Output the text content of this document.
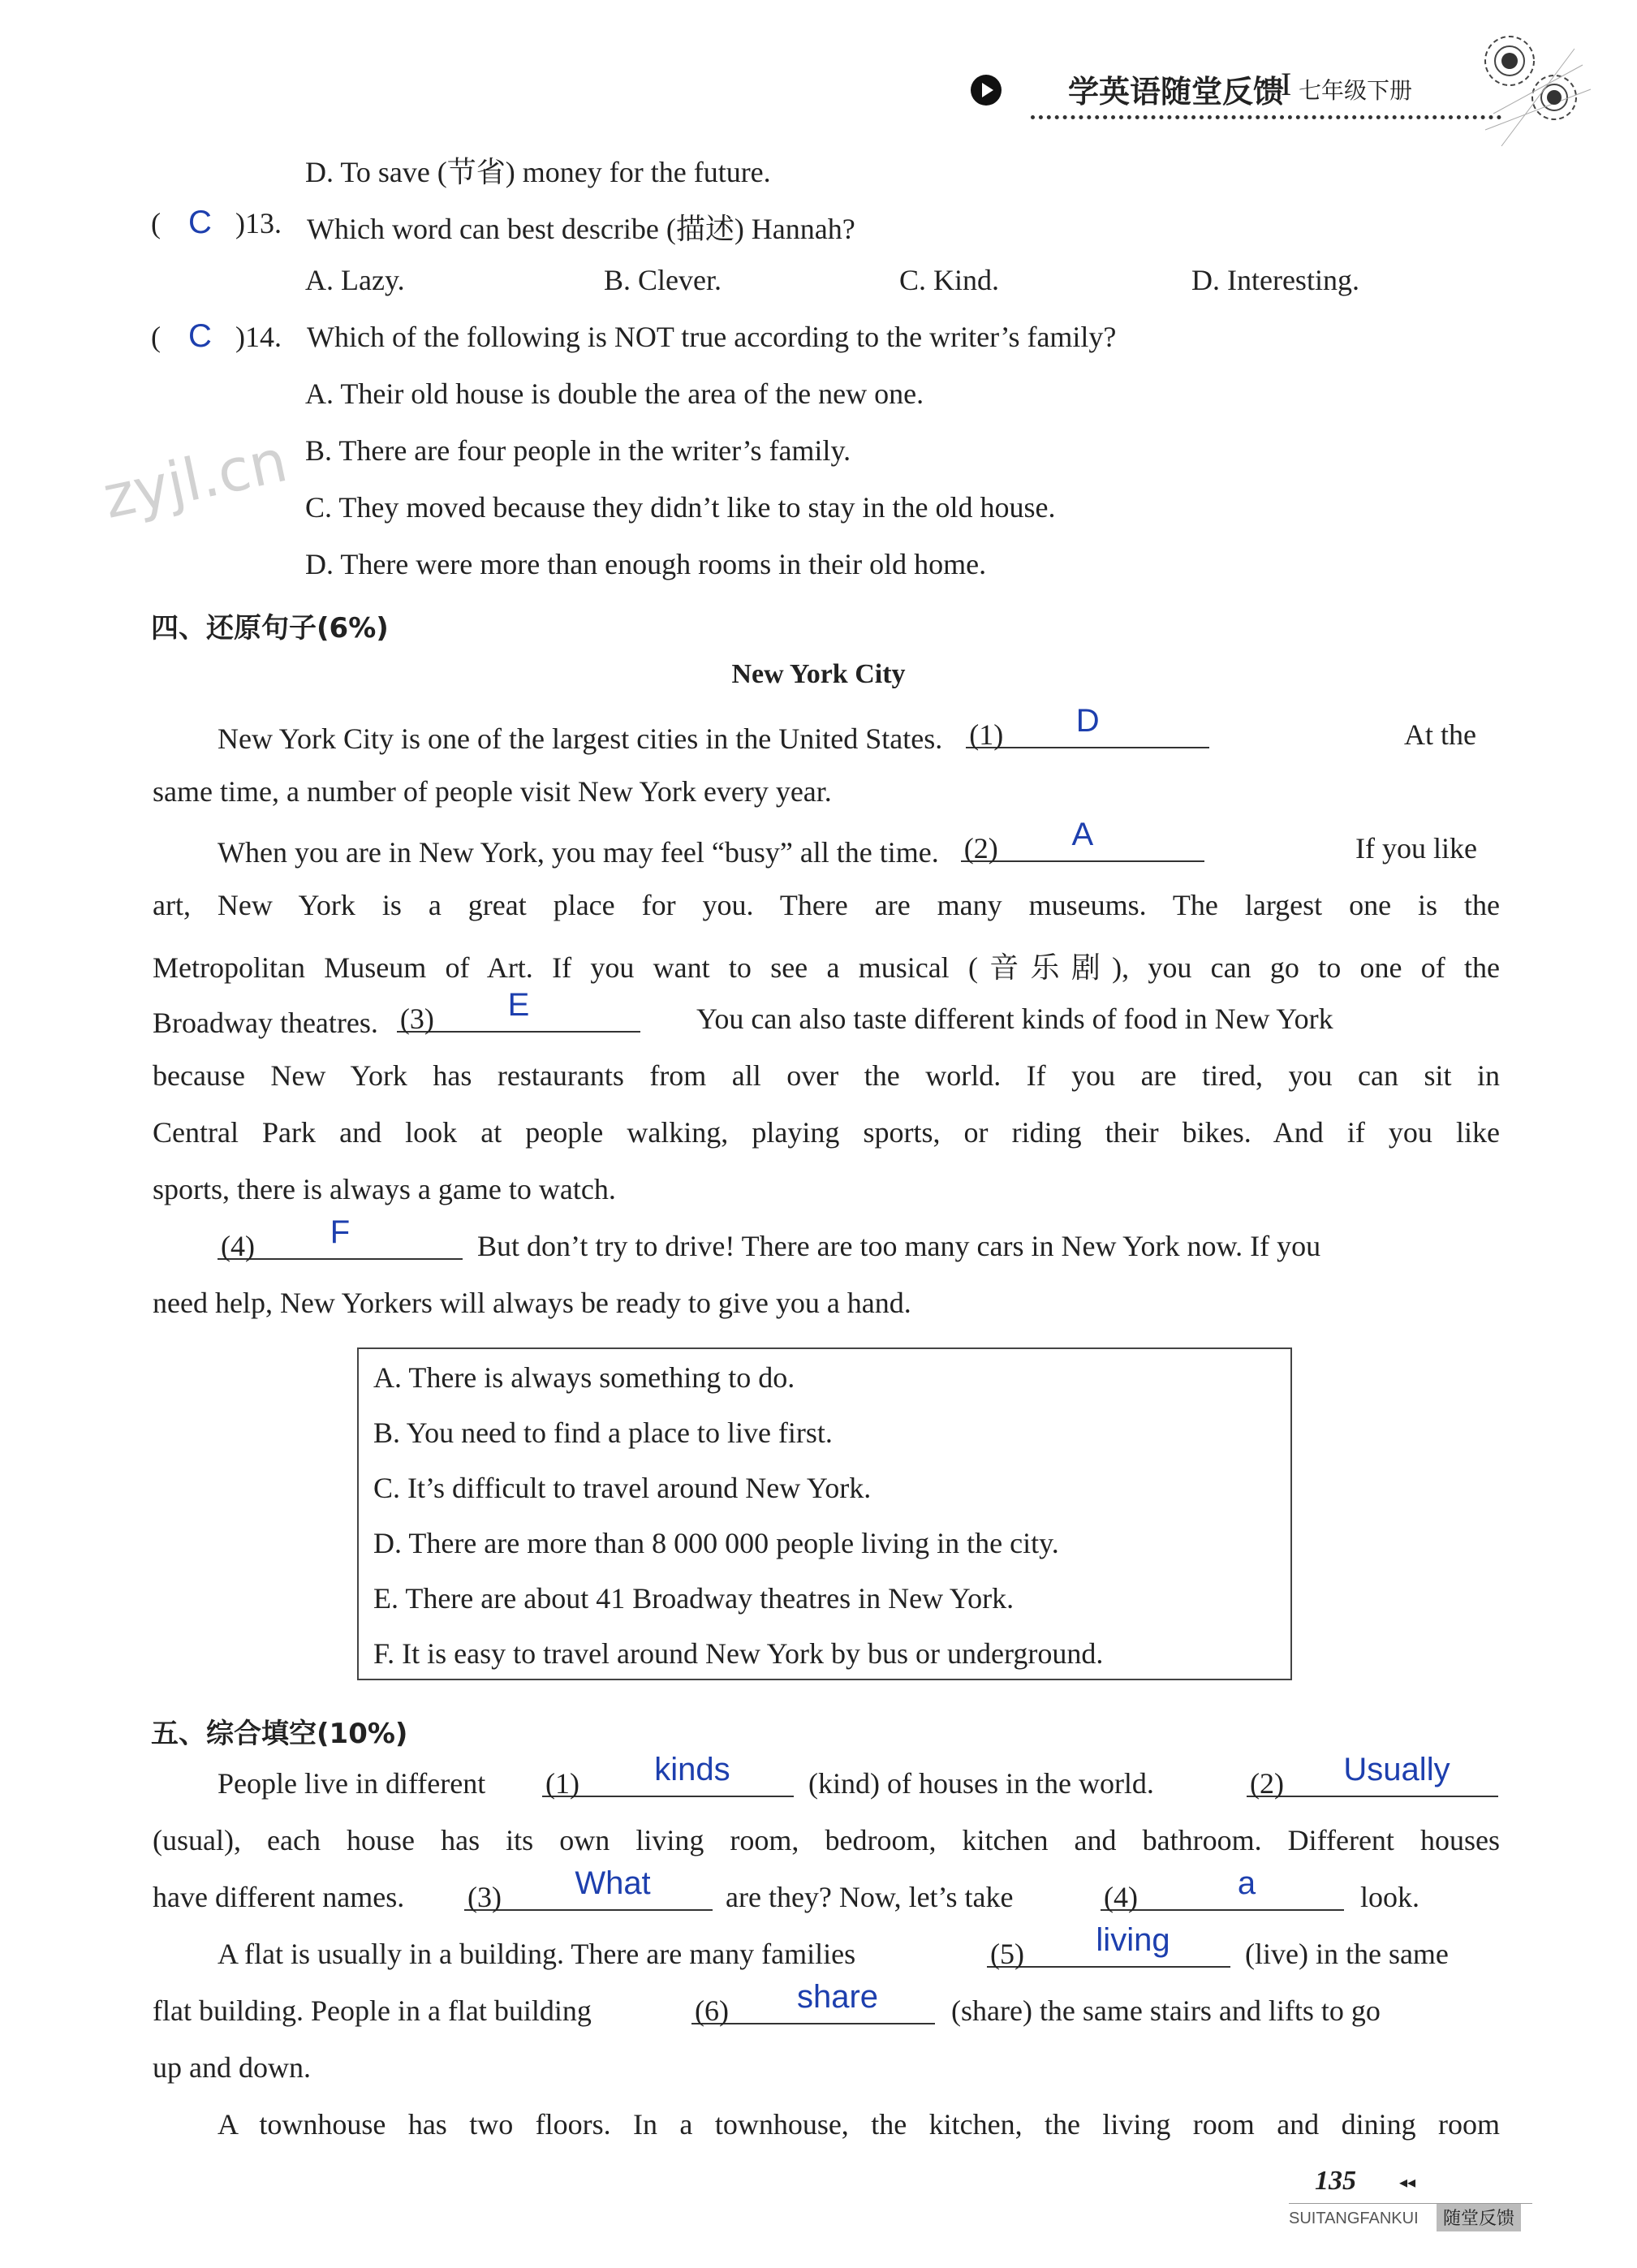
学英语随堂反馈
I 七年级下册
zyjl.cn
D. To save (节省) money for the future.
( C )13. Which word can best describe (描述) Hannah?
A. Lazy.	B. Clever.	C. Kind.	D. Interesting.
( C )14. Which of the following is NOT true according to the writer’s family?
A. Their old house is double the area of the new one.
B. There are four people in the writer’s family.
C. They moved because they didn’t like to stay in the old house.
D. There were more than enough rooms in their old home.
四、还原句子(6%)
New York City
New York City is one of the largest cities in the United States. (1)	D	At the
same time, a number of people visit New York every year.
When you are in New York, you may feel “busy” all the time. (2)	A	If you like
art, New York is a great place for you. There are many museums. The largest one is the
Metropolitan Museum of Art. If you want to see a musical (音乐剧), you can go to one of the
Broadway theatres. (3)	E	You can also taste different kinds of food in New York
because New York has restaurants from all over the world. If you are tired, you can sit in
Central Park and look at people walking, playing sports, or riding their bikes. And if you like
sports, there is always a game to watch.
(4)	F	But don’t try to drive! There are too many cars in New York now. If you
need help, New Yorkers will always be ready to give you a hand.
A. There is always something to do.
B. You need to find a place to live first.
C. It’s difficult to travel around New York.
D. There are more than 8 000 000 people living in the city.
E. There are about 41 Broadway theatres in New York.
F. It is easy to travel around New York by bus or underground.
五、综合填空(10%)
People live in different (1)	kinds	(kind) of houses in the world.	(2)	Usually
(usual), each house has its own living room, bedroom, kitchen and bathroom. Different houses
have different names. (3)	What	are they? Now, let’s take	(4)	a	look.
A flat is usually in a building. There are many families	(5)	living	(live) in the same
flat building. People in a flat building	(6)	share	(share) the same stairs and lifts to go
up and down.
A townhouse has two floors. In a townhouse, the kitchen, the living room and dining room
135	◂◂
SUITANGFANKUI	随堂反馈
